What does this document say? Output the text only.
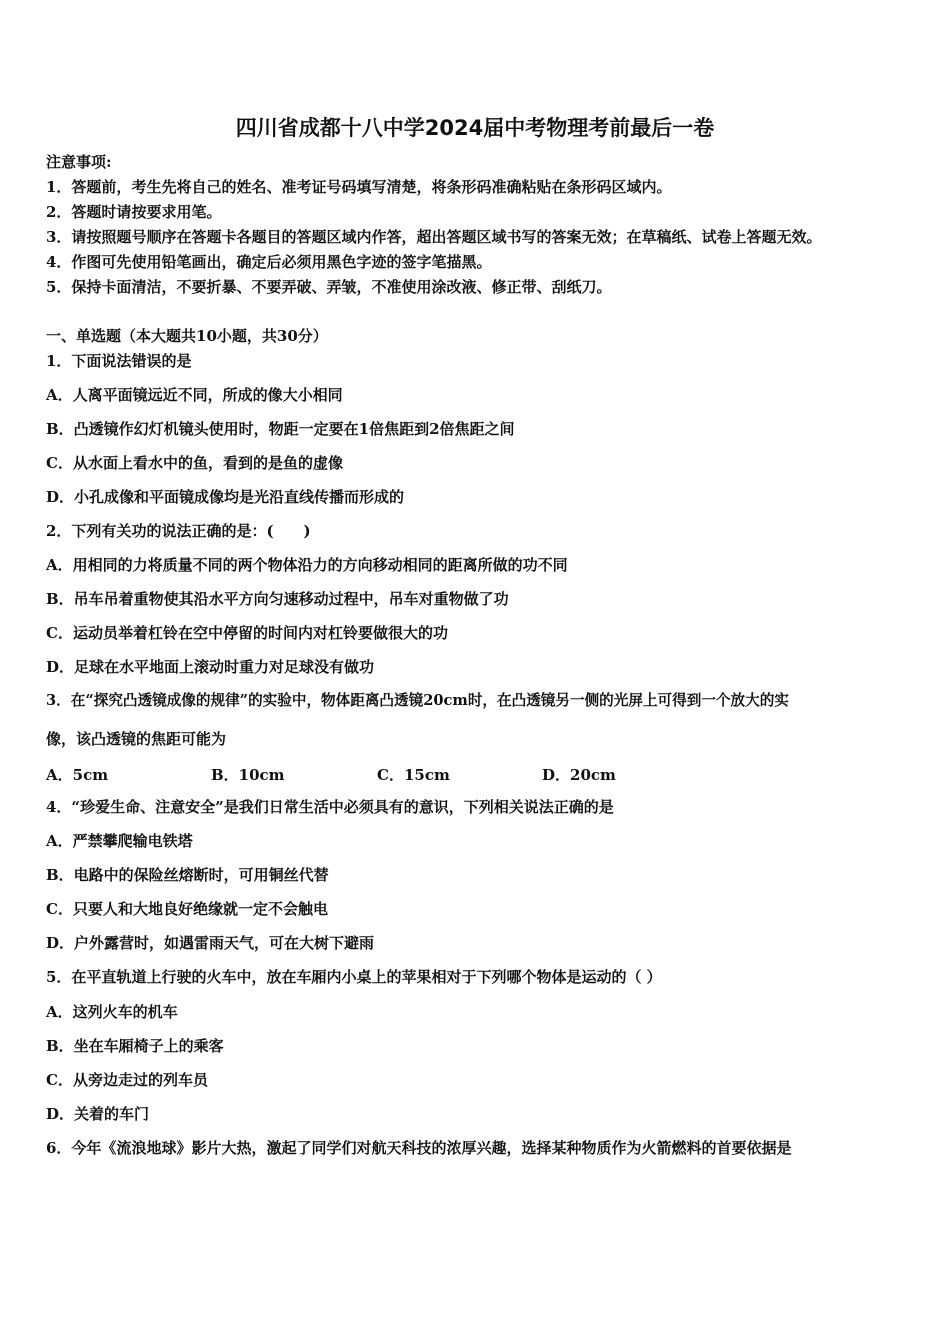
四川省成都十八中学2024届中考物理考前最后一卷
注意事项:
1．答题前，考生先将自己的姓名、准考证号码填写清楚，将条形码准确粘贴在条形码区域内。
2．答题时请按要求用笔。
3．请按照题号顺序在答题卡各题目的答题区域内作答，超出答题区域书写的答案无效；在草稿纸、试卷上答题无效。
4．作图可先使用铅笔画出，确定后必须用黑色字迹的签字笔描黑。
5．保持卡面清洁，不要折暴、不要弄破、弄皱，不准使用涂改液、修正带、刮纸刀。
一、单选题（本大题共10小题，共30分）
1．下面说法错误的是
A．人离平面镜远近不同，所成的像大小相同
B．凸透镜作幻灯机镜头使用时，物距一定要在1倍焦距到2倍焦距之间
C．从水面上看水中的鱼，看到的是鱼的虚像
D．小孔成像和平面镜成像均是光沿直线传播而形成的
2．下列有关功的说法正确的是：(　　)
A．用相同的力将质量不同的两个物体沿力的方向移动相同的距离所做的功不同
B．吊车吊着重物使其沿水平方向匀速移动过程中，吊车对重物做了功
C．运动员举着杠铃在空中停留的时间内对杠铃要做很大的功
D．足球在水平地面上滚动时重力对足球没有做功
3．在“探究凸透镜成像的规律”的实验中，物体距离凸透镜20cm时，在凸透镜另一侧的光屏上可得到一个放大的实
像，该凸透镜的焦距可能为
A．5cm	B．10cm	C．15cm	D．20cm
4．“珍爱生命、注意安全”是我们日常生活中必须具有的意识，下列相关说法正确的是
A．严禁攀爬输电铁塔
B．电路中的保险丝熔断时，可用铜丝代替
C．只要人和大地良好绝缘就一定不会触电
D．户外露营时，如遇雷雨天气，可在大树下避雨
5．在平直轨道上行驶的火车中，放在车厢内小桌上的苹果相对于下列哪个物体是运动的（ ）
A．这列火车的机车
B．坐在车厢椅子上的乘客
C．从旁边走过的列车员
D．关着的车门
6．今年《流浪地球》影片大热，激起了同学们对航天科技的浓厚兴趣，选择某种物质作为火箭燃料的首要依据是
